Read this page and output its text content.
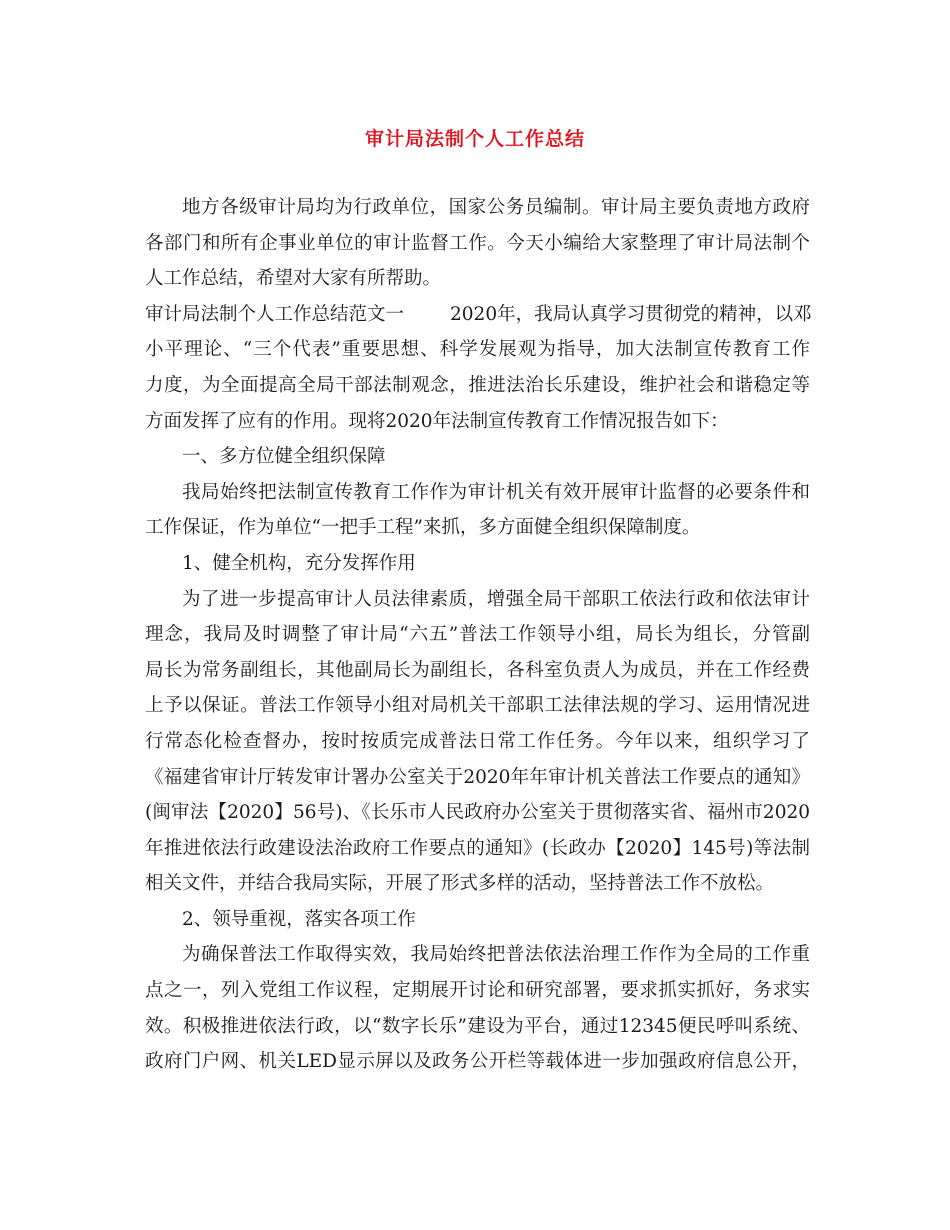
审计局法制个人工作总结
地方各级审计局均为行政单位，国家公务员编制。审计局主要负责地方政府
各部门和所有企事业单位的审计监督工作。今天小编给大家整理了审计局法制个
人工作总结，希望对大家有所帮助。
审计局法制个人工作总结范文一 2020年，我局认真学习贯彻党的精神，以邓
小平理论、“三个代表”重要思想、科学发展观为指导，加大法制宣传教育工作
力度，为全面提高全局干部法制观念，推进法治长乐建设，维护社会和谐稳定等
方面发挥了应有的作用。现将2020年法制宣传教育工作情况报告如下：
一、多方位健全组织保障
我局始终把法制宣传教育工作作为审计机关有效开展审计监督的必要条件和
工作保证，作为单位“一把手工程”来抓，多方面健全组织保障制度。
1、健全机构，充分发挥作用
为了进一步提高审计人员法律素质，增强全局干部职工依法行政和依法审计
理念，我局及时调整了审计局“六五”普法工作领导小组，局长为组长，分管副
局长为常务副组长，其他副局长为副组长，各科室负责人为成员，并在工作经费
上予以保证。普法工作领导小组对局机关干部职工法律法规的学习、运用情况进
行常态化检查督办，按时按质完成普法日常工作任务。今年以来，组织学习了
《福建省审计厅转发审计署办公室关于2020年年审计机关普法工作要点的通知》
(闽审法【2020】56号)、《长乐市人民政府办公室关于贯彻落实省、福州市2020
年推进依法行政建设法治政府工作要点的通知》(长政办【2020】145号)等法制
相关文件，并结合我局实际，开展了形式多样的活动，坚持普法工作不放松。
2、领导重视，落实各项工作
为确保普法工作取得实效，我局始终把普法依法治理工作作为全局的工作重
点之一，列入党组工作议程，定期展开讨论和研究部署，要求抓实抓好，务求实
效。积极推进依法行政，以“数字长乐”建设为平台，通过12345便民呼叫系统、
政府门户网、机关LED显示屏以及政务公开栏等载体进一步加强政府信息公开，
